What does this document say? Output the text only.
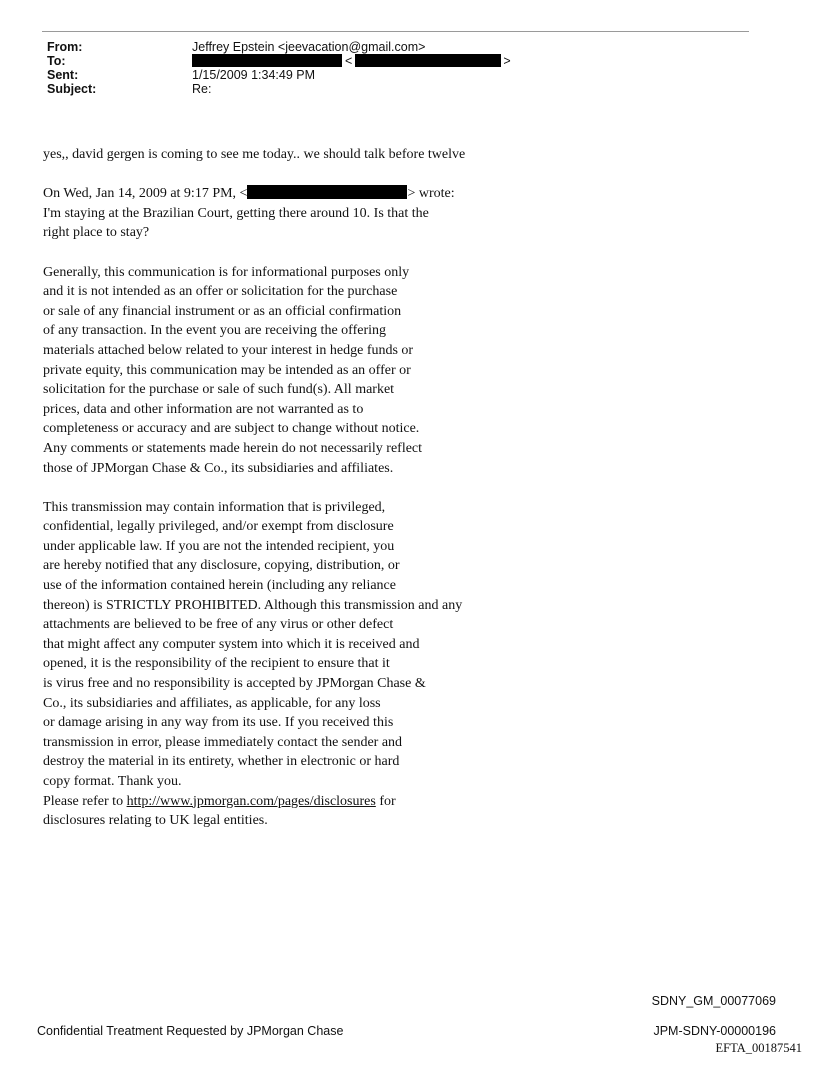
From:	Jeffrey Epstein <jeevacation@gmail.com>
To:	<	>
Sent:	1/15/2009 1:34:49 PM
Subject:	Re:

yes,, david gergen is coming to see me today.. we should talk before twelve

On Wed, Jan 14, 2009 at 9:17 PM, <	> wrote:

I'm staying at the Brazilian Court, getting there around 10. Is that the
right place to stay?

Generally, this communication is for informational purposes only
and it is not intended as an offer or solicitation for the purchase
or sale of any financial instrument or as an official confirmation
of any transaction. In the event you are receiving the offering
materials attached below related to your interest in hedge funds or
private equity, this communication may be intended as an offer or
solicitation for the purchase or sale of such fund(s). All market
prices, data and other information are not warranted as to
completeness or accuracy and are subject to change without notice.
Any comments or statements made herein do not necessarily reflect
those of JPMorgan Chase & Co., its subsidiaries and affiliates.

This transmission may contain information that is privileged,
confidential, legally privileged, and/or exempt from disclosure
under applicable law. If you are not the intended recipient, you
are hereby notified that any disclosure, copying, distribution, or
use of the information contained herein (including any reliance
thereon) is STRICTLY PROHIBITED. Although this transmission and any
attachments are believed to be free of any virus or other defect
that might affect any computer system into which it is received and
opened, it is the responsibility of the recipient to ensure that it
is virus free and no responsibility is accepted by JPMorgan Chase &
Co., its subsidiaries and affiliates, as applicable, for any loss
or damage arising in any way from its use. If you received this
transmission in error, please immediately contact the sender and
destroy the material in its entirety, whether in electronic or hard
copy format. Thank you.

Please refer to http://www.jpmorgan.com/pages/disclosures for

disclosures relating to UK legal entities.

SDNY_GM_00077069
Confidential Treatment Requested by JPMorgan Chase	JPM-SDNY-00000196
EFTA_00187541
